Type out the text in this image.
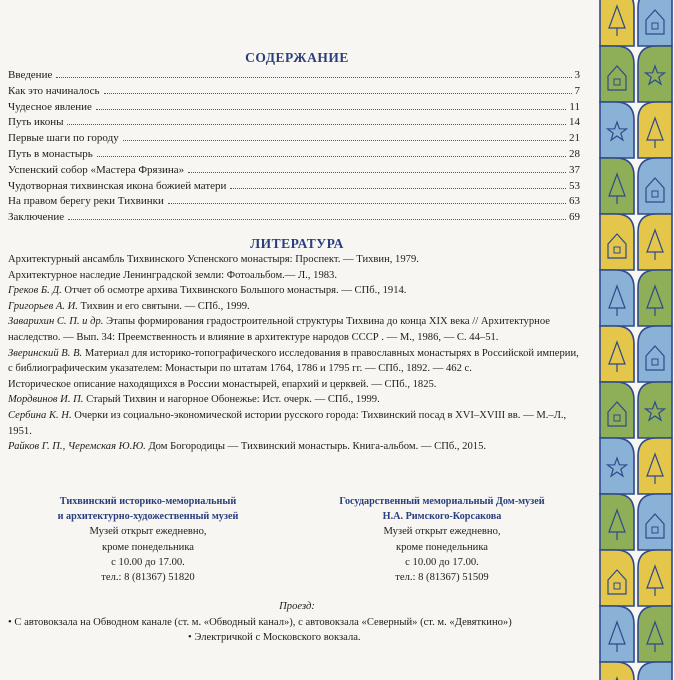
СОДЕРЖАНИЕ
Введение	3
Как это начиналось	7
Чудесное явление	11
Путь иконы	14
Первые шаги по городу	21
Путь в монастырь	28
Успенский собор «Мастера Фрязина»	37
Чудотворная тихвинская икона божией матери	53
На правом берегу реки Тихвинки	63
Заключение	69
ЛИТЕРАТУРА

Архитектурный ансамбль Тихвинского Успенского монастыря: Проспект. — Тихвин, 1979.

Архитектурное наследие Ленинградской земли: Фотоальбом.— Л., 1983.

Греков Б. Д. Отчет об осмотре архива Тихвинского Большого монастыря. — СПб., 1914.

Григорьев А. И. Тихвин и его святыни. — СПб., 1999.

Заварихин С. П. и др. Этапы формирования градостроительной структуры Тихвина до конца XIX века // Архитектурное наследство. — Вып. 34: Преемственность и влияние в архитектуре народов СССР . — М., 1986, — С. 44–51.

Зверинский В. В. Материал для историко-топографического исследования в православных монастырях в Российской империи, с библиографическим указателем: Монастыри по штатам 1764, 1786 и 1795 гг. — СПб., 1892. — 462 с.

Историческое описание находящихся в России монастырей, епархий и церквей. — СПб., 1825.

Мордвинов И. П. Старый Тихвин и нагорное Обонежье: Ист. очерк. — СПб., 1999.

Сербина К. Н. Очерки из социально-экономической истории русского города: Тихвинский посад в XVI–XVIII вв. — М.–Л., 1951.

Райков Г. П., Черемская Ю.Ю. Дом Богородицы — Тихвинский монастырь. Книга-альбом. — СПб., 2015.

Тихвинский историко-мемориальный
и архитектурно-художественный музей
Музей открыт ежедневно,
кроме понедельника
с 10.00 до 17.00.
тел.: 8 (81367) 51820
Государственный мемориальный Дом-музей
Н.А. Римского-Корсакова
Музей открыт ежедневно,
кроме понедельника
с 10.00 до 17.00.
тел.: 8 (81367) 51509
Проезд:
• С автовокзала на Обводном канале (ст. м. «Обводный канал»), с автовокзала «Северный» (ст. м. «Девяткино»)
• Электричкой с Московского вокзала.
